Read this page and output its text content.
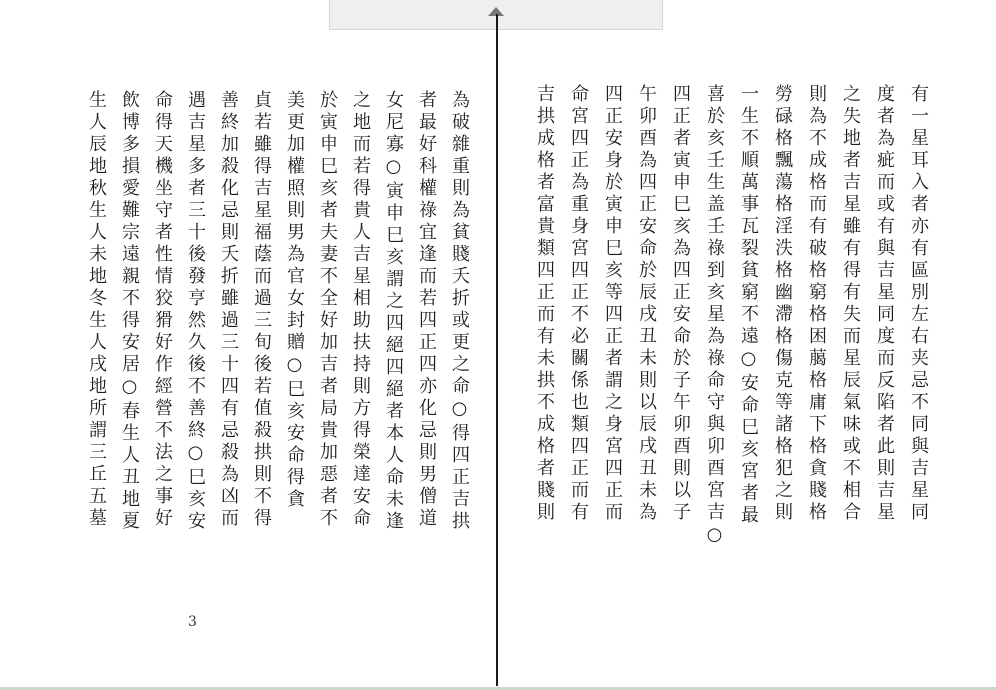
為破雜重則為貧賤夭折或更之命○得四正吉拱
者最好科權祿宜逢而若四正四亦化忌則男僧道
女尼寡○寅申巳亥謂之四絕四絕者本人命未逢
之地而若得貴人吉星相助扶持則方得榮達安命
於寅申巳亥者夫妻不全好加吉者局貴加惡者不
美更加權照則男為官女封贈○巳亥安命得貪
貞若雖得吉星福蔭而過三旬後若值殺拱則不得
善終加殺化忌則夭折雖過三十四有忌殺為凶而
遇吉星多者三十後發亨然久後不善終○巳亥安
命得天機坐守者性情狡猾好作經營不法之事好
飲博多損愛難宗遠親不得安居○春生人丑地夏
生人辰地秋生人未地冬生人戌地所謂三丘五墓
3
有一星耳入者亦有區別左右夹忌不同與吉星同
度者為疵而或有與吉星同度而反陷者此則吉星
之失地者吉星雖有得有失而星辰氣味或不相合
則為不成格而有破格窮格困﨟格庸下格貪賤格
勞碌格飄蕩格淫泆格幽滯格傷克等諸格犯之則
一生不順萬事瓦裂貧窮不遠○安命巳亥宮者最
喜於亥壬生盖壬祿到亥星為祿命守與卯酉宮吉○
四正者寅申巳亥為四正安命於子午卯酉則以子
午卯酉為四正安命於辰戌丑未則以辰戌丑未為
四正安身於寅申巳亥等四正者謂之身宮四正而
命宮四正為重身宮四正不必關係也類四正而有
吉拱成格者富貴類四正而有未拱不成格者賤則
